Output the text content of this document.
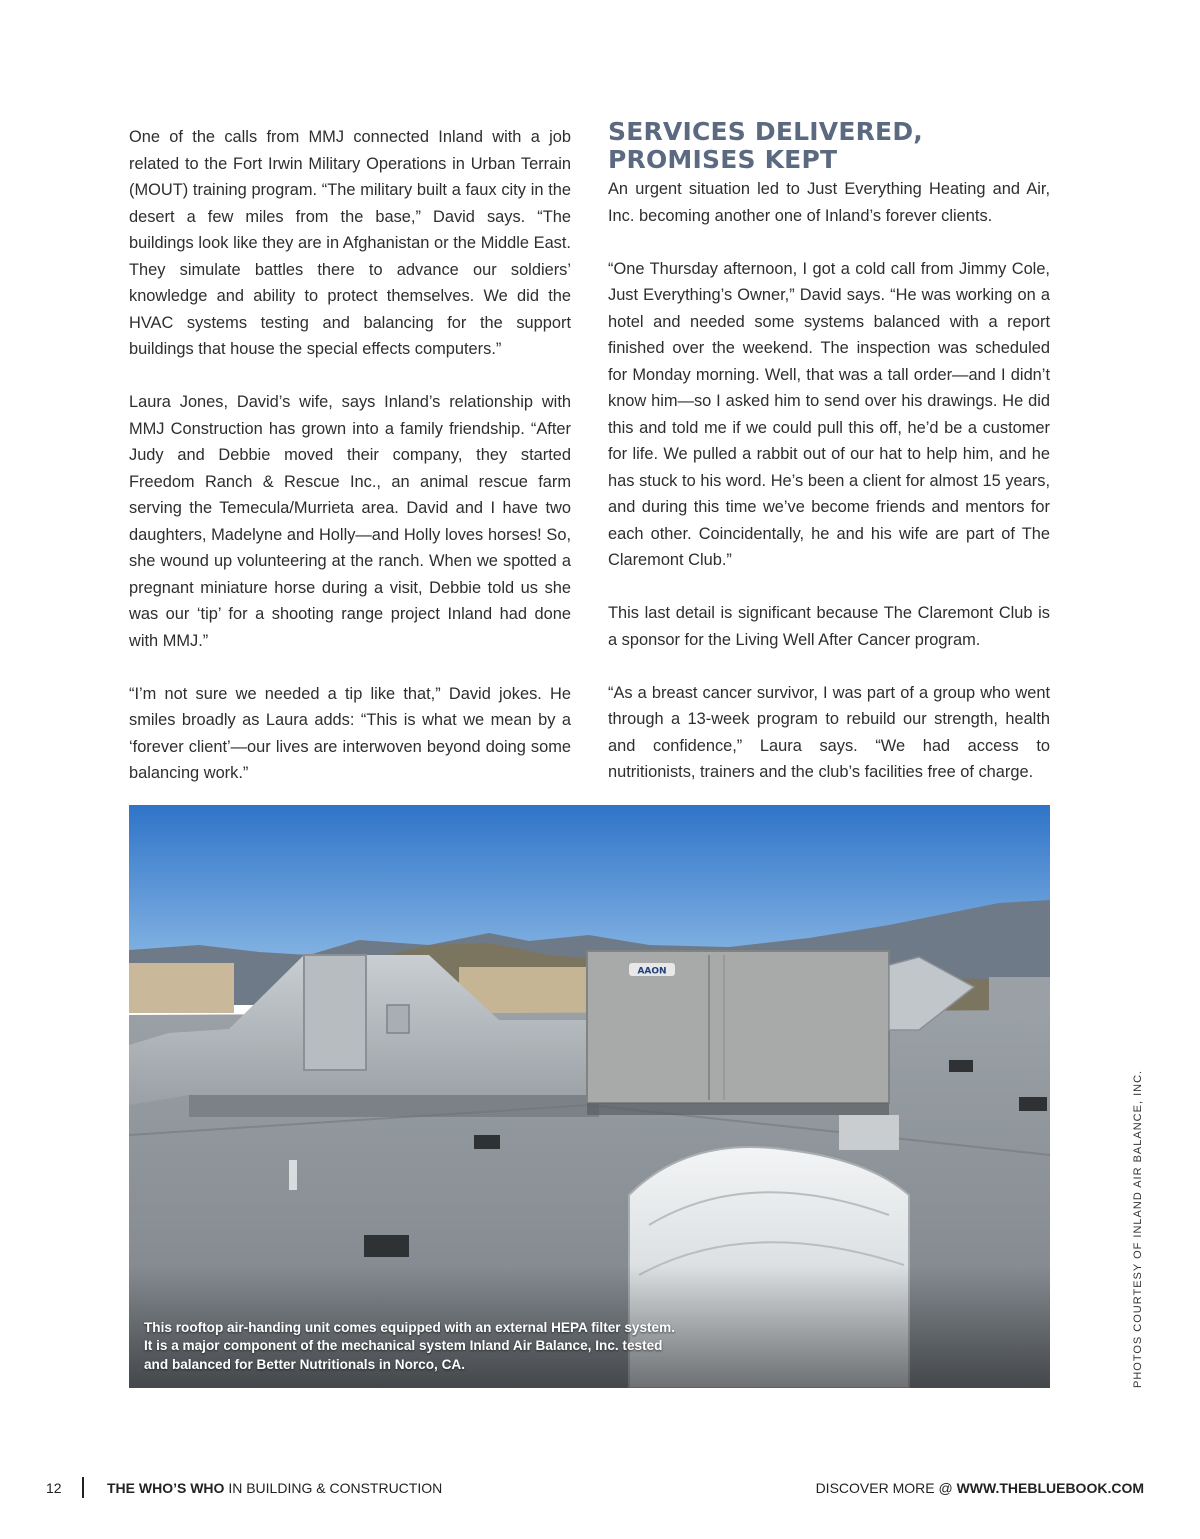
One of the calls from MMJ connected Inland with a job related to the Fort Irwin Military Operations in Urban Terrain (MOUT) training program. “The military built a faux city in the desert a few miles from the base,” David says. “The buildings look like they are in Afghanistan or the Middle East. They simulate battles there to advance our soldiers’ knowledge and ability to protect themselves. We did the HVAC systems testing and balancing for the support buildings that house the special effects computers.”

Laura Jones, David’s wife, says Inland’s relationship with MMJ Construction has grown into a family friendship. “After Judy and Debbie moved their company, they started Freedom Ranch & Rescue Inc., an animal rescue farm serving the Temecula/Murrieta area. David and I have two daughters, Madelyne and Holly—and Holly loves horses! So, she wound up volunteering at the ranch. When we spotted a pregnant miniature horse during a visit, Debbie told us she was our ‘tip’ for a shooting range project Inland had done with MMJ.”

“I’m not sure we needed a tip like that,” David jokes. He smiles broadly as Laura adds: “This is what we mean by a ‘forever client’—our lives are interwoven beyond doing some balancing work.”

SERVICES DELIVERED,
PROMISES KEPT

An urgent situation led to Just Everything Heating and Air, Inc. becoming another one of Inland’s forever clients.

“One Thursday afternoon, I got a cold call from Jimmy Cole, Just Everything’s Owner,” David says. “He was working on a hotel and needed some systems balanced with a report finished over the weekend. The inspection was scheduled for Monday morning. Well, that was a tall order—and I didn’t know him—so I asked him to send over his drawings. He did this and told me if we could pull this off, he’d be a customer for life. We pulled a rabbit out of our hat to help him, and he has stuck to his word. He’s been a client for almost 15 years, and during this time we’ve become friends and mentors for each other. Coincidentally, he and his wife are part of The Claremont Club.”

This last detail is significant because The Claremont Club is a sponsor for the Living Well After Cancer program.

“As a breast cancer survivor, I was part of a group who went through a 13-week program to rebuild our strength, health and confidence,” Laura says. “We had access to nutritionists, trainers and the club’s facilities free of charge.

AAON
This rooftop air-handing unit comes equipped with an external HEPA filter system.
It is a major component of the mechanical system Inland Air Balance, Inc. tested
and balanced for Better Nutritionals in Norco, CA.	PHOTOS COURTESY OF INLAND AIR BALANCE, INC.
12	THE WHO’S WHO IN BUILDING & CONSTRUCTION	DISCOVER MORE @ WWW.THEBLUEBOOK.COM
